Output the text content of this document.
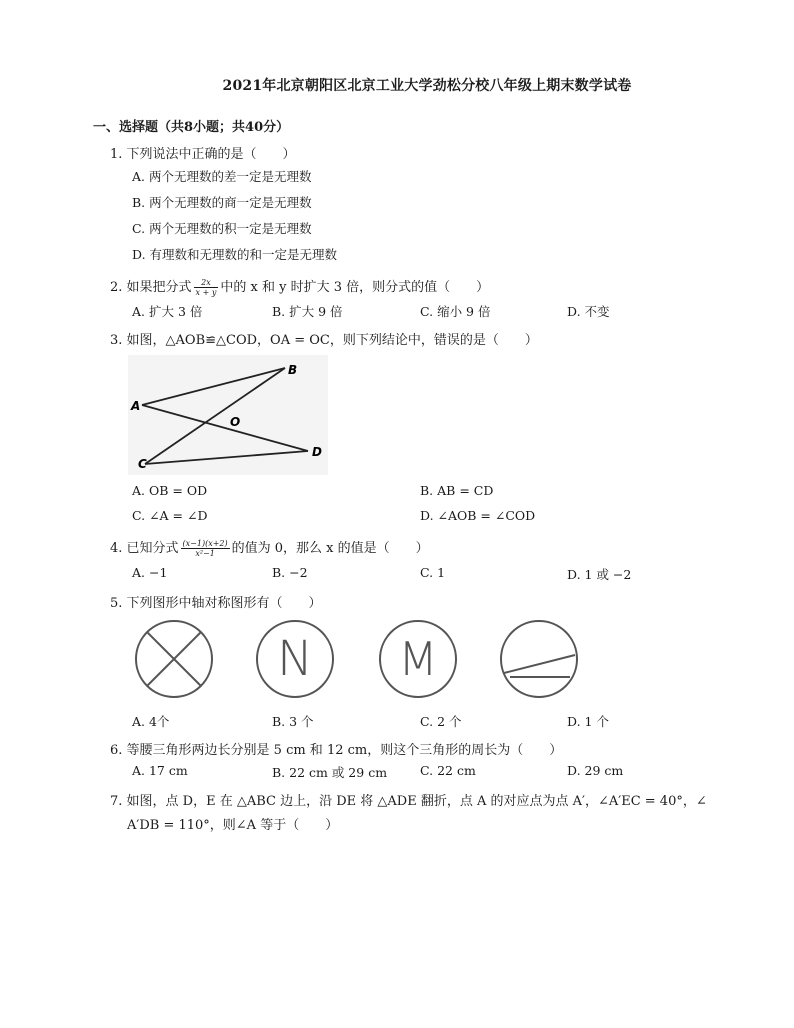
2021年北京朝阳区北京工业大学劲松分校八年级上期末数学试卷
一、选择题（共8小题；共40分）
1. 下列说法中正确的是（　　）
A. 两个无理数的差一定是无理数
B. 两个无理数的商一定是无理数
C. 两个无理数的积一定是无理数
D. 有理数和无理数的和一定是无理数
2. 如果把分式 $\frac{2x}{x + y}$ 中的 x 和 y 时扩大 3 倍，则分式的值（　　）
A. 扩大 3 倍	B. 扩大 9 倍	C. 缩小 9 倍	D. 不变
3. 如图，△AOB≌△COD，OA = OC，则下列结论中，错误的是（　　）
A
B
O
C
D
A. OB = OD	B. AB = CD
C. ∠A = ∠D	D. ∠AOB = ∠COD
4. 已知分式 $\frac{(x-1)(x+2)}{\text{x²−1}}$ 的值为 0，那么 x 的值是（　　）
A. −1	B. −2	C. 1	D. 1 或 −2
5. 下列图形中轴对称图形有（　　）
N M
A. 4个	B. 3 个	C. 2 个	D. 1 个
6. 等腰三角形两边长分别是 5 cm 和 12 cm，则这个三角形的周长为（　　）
A. 17 cm	B. 22 cm 或 29 cm	C. 22 cm	D. 29 cm
7. 如图，点 D，E 在 △ABC 边上，沿 DE 将 △ADE 翻折，点 A 的对应点为点 A′，∠A′EC = 40°，∠
A′DB = 110°，则∠A 等于（　　）
